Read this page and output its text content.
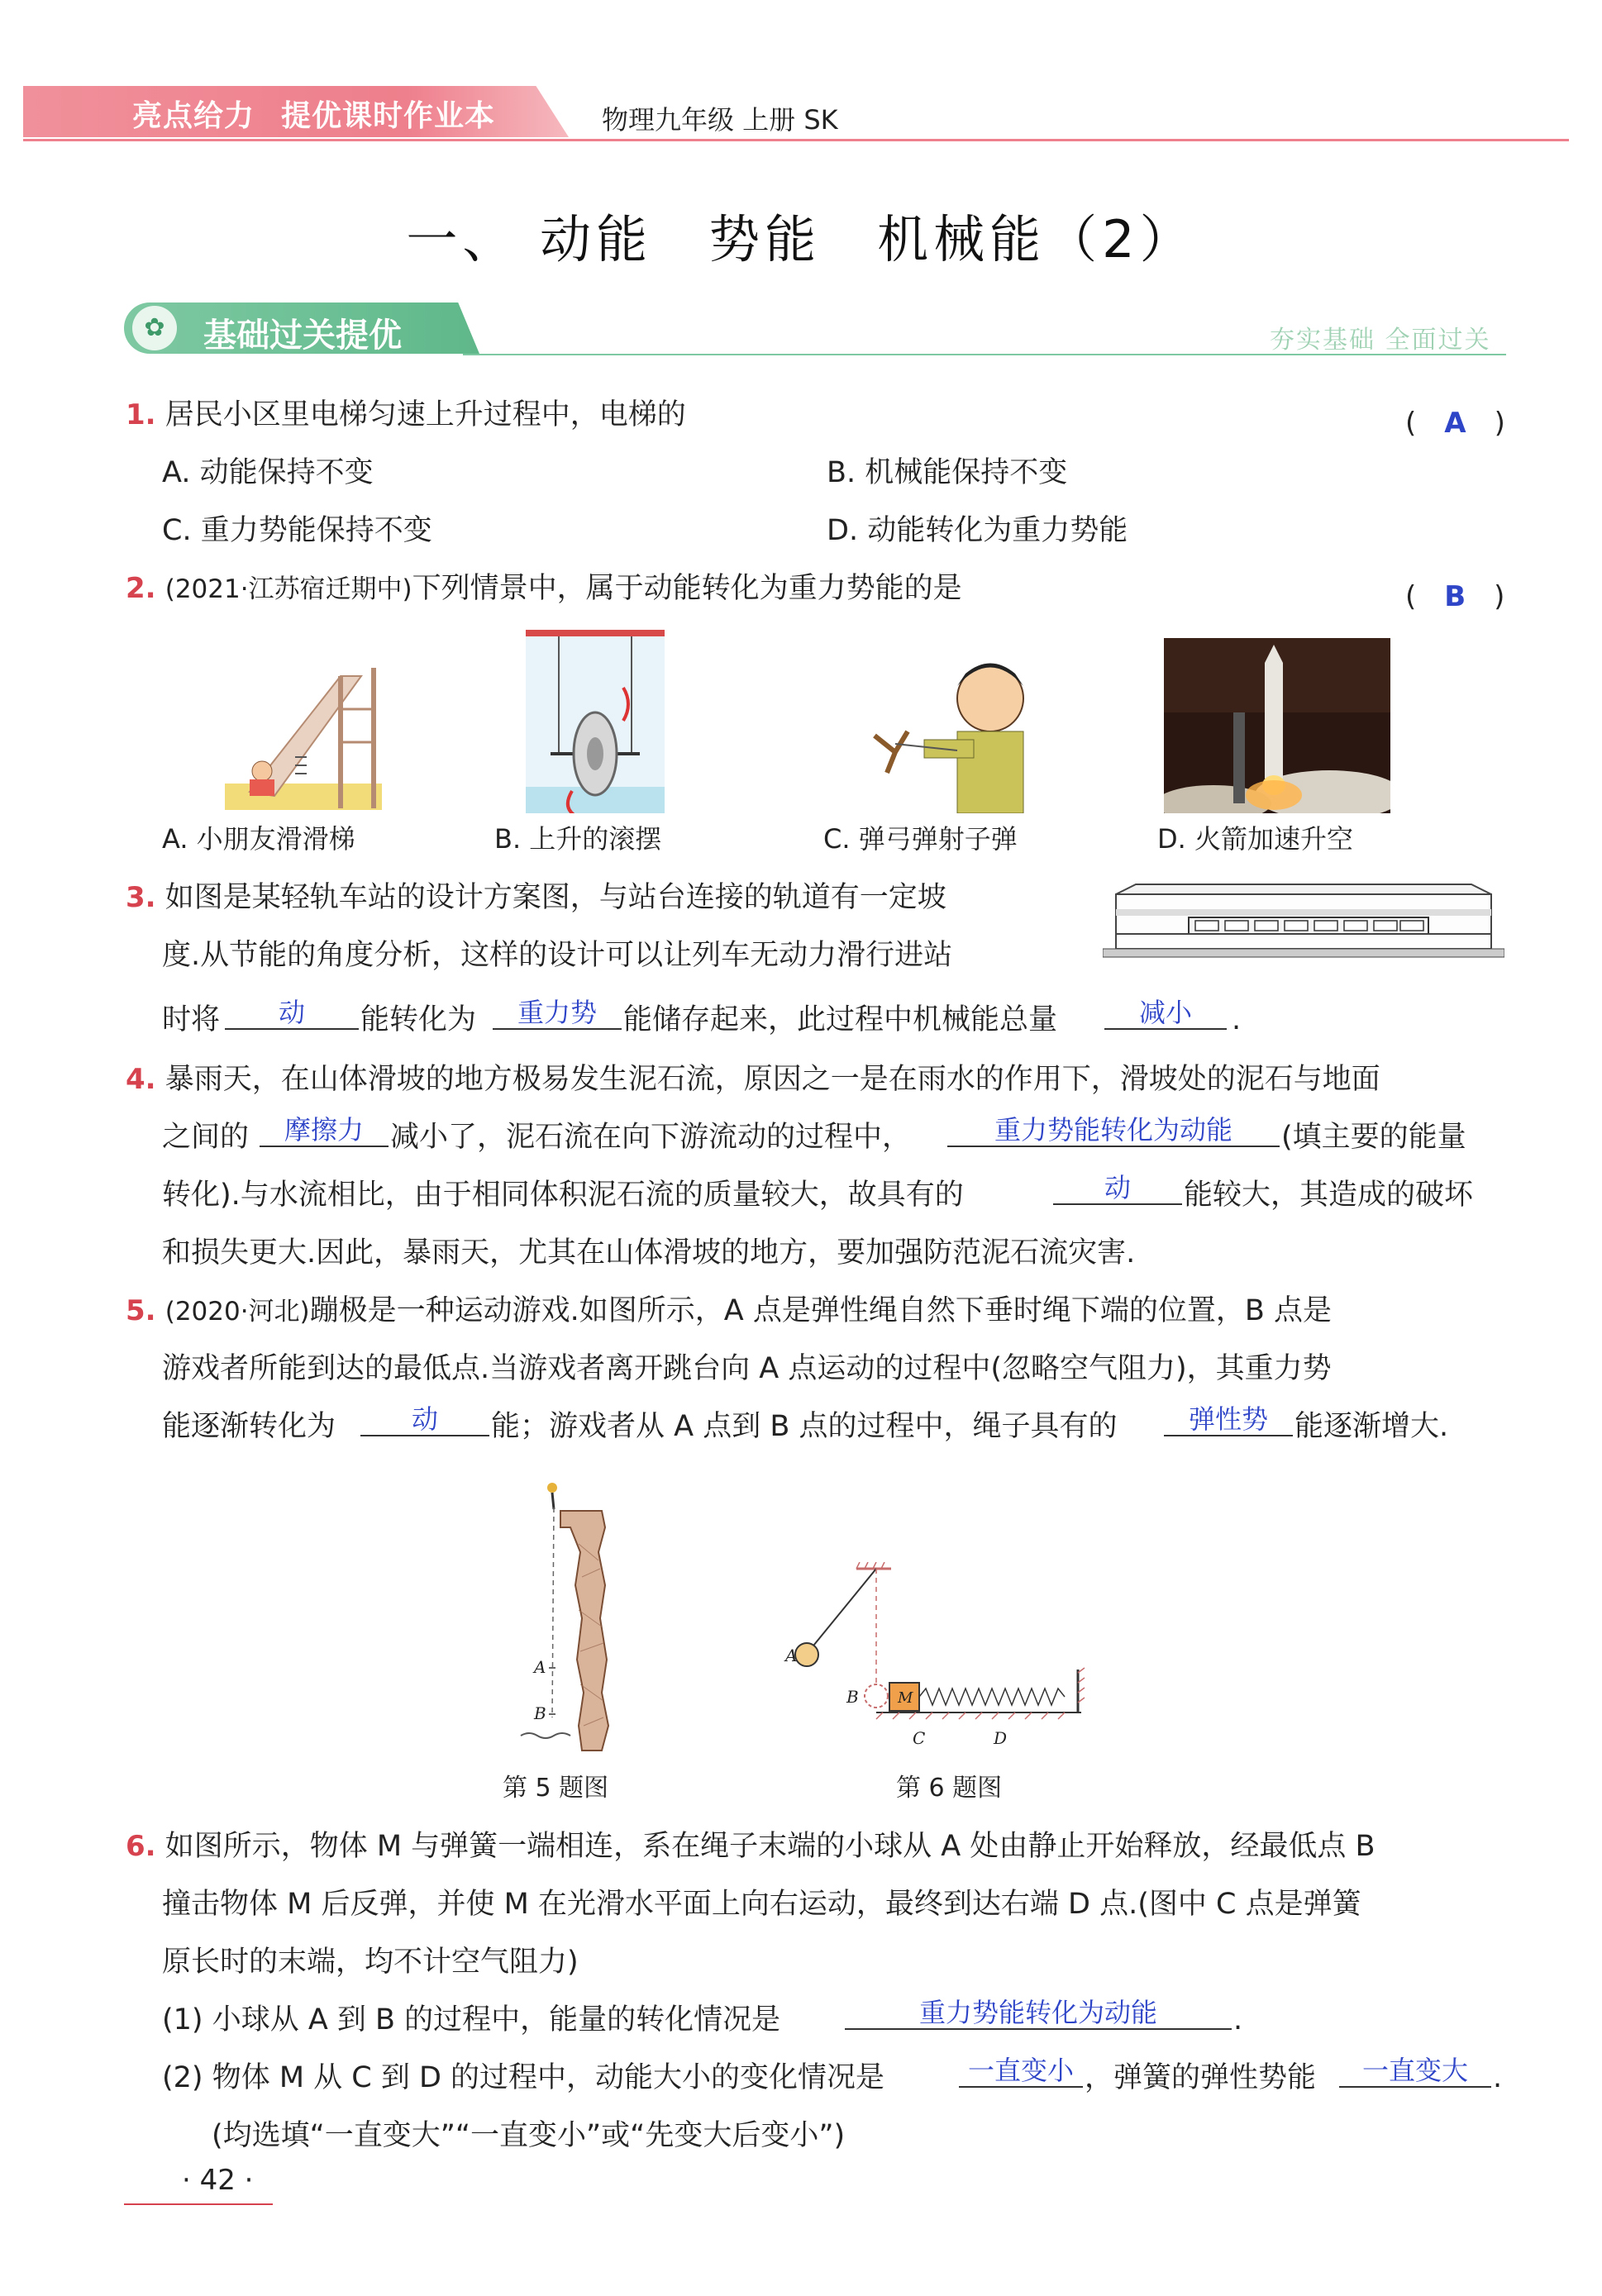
亮点给力 提优课时作业本	物理九年级 上册 SK
一、 动能　势能　机械能（2）
✿	基础过关提优	夯实基础 全面过关
1. 居民小区里电梯匀速上升过程中，电梯的	(　A　)
A. 动能保持不变	B. 机械能保持不变
C. 重力势能保持不变	D. 动能转化为重力势能
2. (2021·江苏宿迁期中)下列情景中，属于动能转化为重力势能的是	(　B　)
A. 小朋友滑滑梯	B. 上升的滚摆	C. 弹弓弹射子弹	D. 火箭加速升空
3. 如图是某轻轨车站的设计方案图，与站台连接的轨道有一定坡
度.从节能的角度分析，这样的设计可以让列车无动力滑行进站
时将	动	能转化为	重力势 能储存起来，此过程中机械能总量	减小	.
4. 暴雨天，在山体滑坡的地方极易发生泥石流，原因之一是在雨水的作用下，滑坡处的泥石与地面
之间的	摩擦力 减小了，泥石流在向下游流动的过程中，	重力势能转化为动能	(填主要的能量
转化).与水流相比，由于相同体积泥石流的质量较大，故具有的	动	能较大，其造成的破坏
和损失更大.因此，暴雨天，尤其在山体滑坡的地方，要加强防范泥石流灾害.
5. (2020·河北)蹦极是一种运动游戏.如图所示，A 点是弹性绳自然下垂时绳下端的位置，B 点是
游戏者所能到达的最低点.当游戏者离开跳台向 A 点运动的过程中(忽略空气阻力)，其重力势
能逐渐转化为	动	能；游戏者从 A 点到 B 点的过程中，绳子具有的	弹性势 能逐渐增大.
A
B
A
B	M
C	D
第 5 题图	第 6 题图
6. 如图所示，物体 M 与弹簧一端相连，系在绳子末端的小球从 A 处由静止开始释放，经最低点 B
撞击物体 M 后反弹，并使 M 在光滑水平面上向右运动，最终到达右端 D 点.(图中 C 点是弹簧
原长时的末端，均不计空气阻力)
(1) 小球从 A 到 B 的过程中，能量的转化情况是	重力势能转化为动能	.
(2) 物体 M 从 C 到 D 的过程中，动能大小的变化情况是	一直变小 ，弹簧的弹性势能	一直变大 .
(均选填“一直变大”“一直变小”或“先变大后变小”)
· 42 ·
